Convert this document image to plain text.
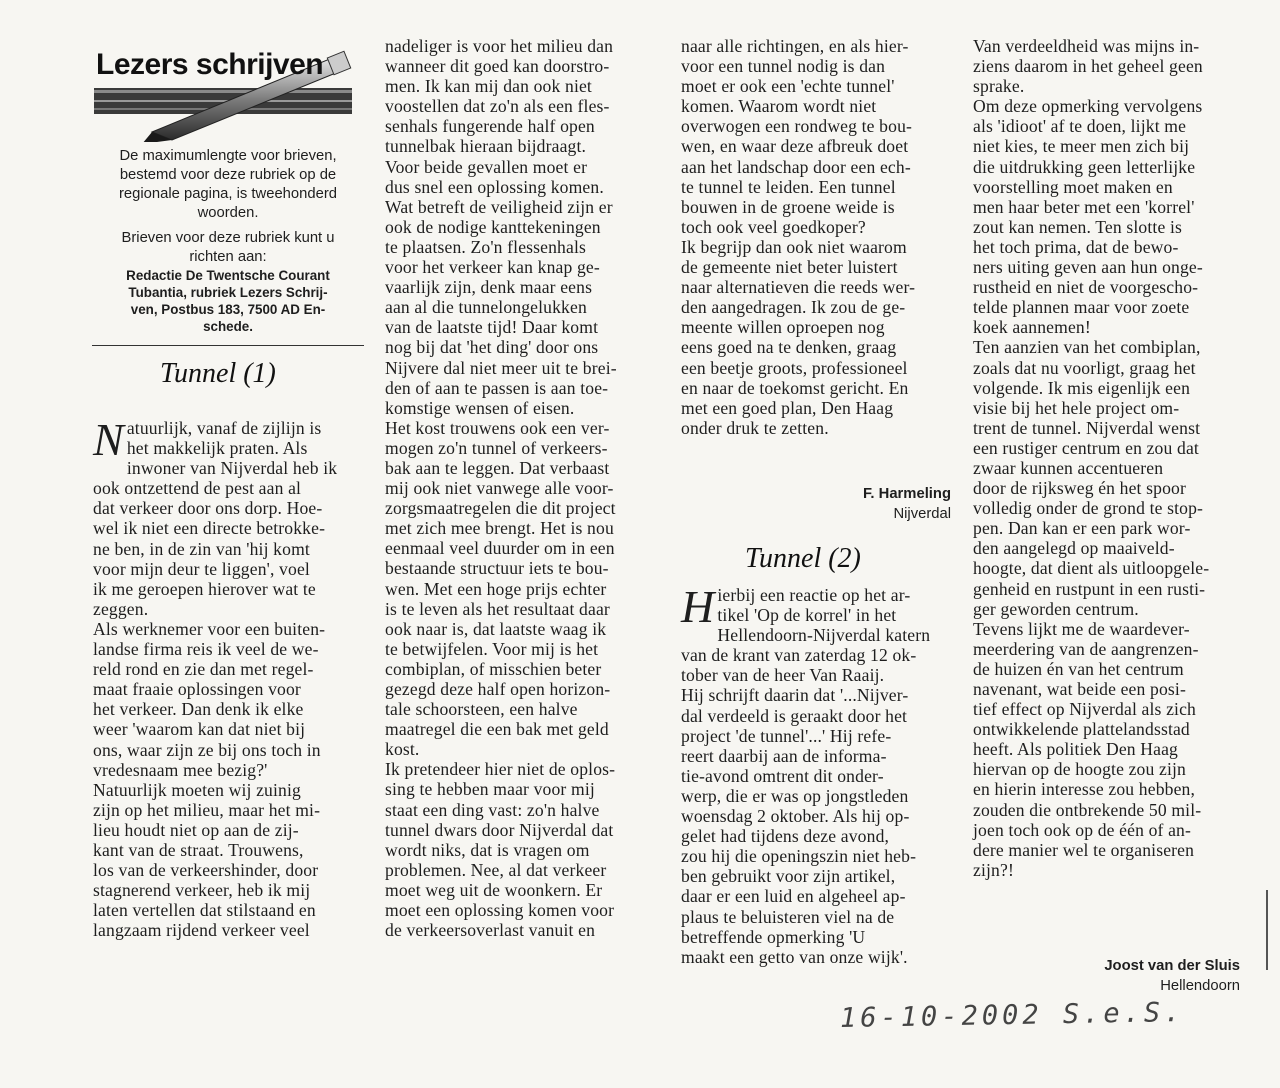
Lezers schrijven
De maximumlengte voor brieven,
bestemd voor deze rubriek op de
regionale pagina, is tweehonderd
woorden.
Brieven voor deze rubriek kunt u
richten aan:
Redactie De Twentsche Courant
Tubantia, rubriek Lezers Schrij-
ven, Postbus 183, 7500 AD En-
schede.
Tunnel (1)
N atuurlijk, vanaf de zijlijn is
het makkelijk praten. Als
inwoner van Nijverdal heb ik
ook ontzettend de pest aan al
dat verkeer door ons dorp. Hoe-
wel ik niet een directe betrokke-
ne ben, in de zin van 'hij komt
voor mijn deur te liggen', voel
ik me geroepen hierover wat te
zeggen.
Als werknemer voor een buiten-
landse firma reis ik veel de we-
reld rond en zie dan met regel-
maat fraaie oplossingen voor
het verkeer. Dan denk ik elke
weer 'waarom kan dat niet bij
ons, waar zijn ze bij ons toch in
vredesnaam mee bezig?'
Natuurlijk moeten wij zuinig
zijn op het milieu, maar het mi-
lieu houdt niet op aan de zij-
kant van de straat. Trouwens,
los van de verkeershinder, door
stagnerend verkeer, heb ik mij
laten vertellen dat stilstaand en
langzaam rijdend verkeer veel
nadeliger is voor het milieu dan
wanneer dit goed kan doorstro-
men. Ik kan mij dan ook niet
voostellen dat zo'n als een fles-
senhals fungerende half open
tunnelbak hieraan bijdraagt.
Voor beide gevallen moet er
dus snel een oplossing komen.
Wat betreft de veiligheid zijn er
ook de nodige kanttekeningen
te plaatsen. Zo'n flessenhals
voor het verkeer kan knap ge-
vaarlijk zijn, denk maar eens
aan al die tunnelongelukken
van de laatste tijd! Daar komt
nog bij dat 'het ding' door ons
Nijvere dal niet meer uit te brei-
den of aan te passen is aan toe-
komstige wensen of eisen.
Het kost trouwens ook een ver-
mogen zo'n tunnel of verkeers-
bak aan te leggen. Dat verbaast
mij ook niet vanwege alle voor-
zorgsmaatregelen die dit project
met zich mee brengt. Het is nou
eenmaal veel duurder om in een
bestaande structuur iets te bou-
wen. Met een hoge prijs echter
is te leven als het resultaat daar
ook naar is, dat laatste waag ik
te betwijfelen. Voor mij is het
combiplan, of misschien beter
gezegd deze half open horizon-
tale schoorsteen, een halve
maatregel die een bak met geld
kost.
Ik pretendeer hier niet de oplos-
sing te hebben maar voor mij
staat een ding vast: zo'n halve
tunnel dwars door Nijverdal dat
wordt niks, dat is vragen om
problemen. Nee, al dat verkeer
moet weg uit de woonkern. Er
moet een oplossing komen voor
de verkeersoverlast vanuit en
naar alle richtingen, en als hier-
voor een tunnel nodig is dan
moet er ook een 'echte tunnel'
komen. Waarom wordt niet
overwogen een rondweg te bou-
wen, en waar deze afbreuk doet
aan het landschap door een ech-
te tunnel te leiden. Een tunnel
bouwen in de groene weide is
toch ook veel goedkoper?
Ik begrijp dan ook niet waarom
de gemeente niet beter luistert
naar alternatieven die reeds wer-
den aangedragen. Ik zou de ge-
meente willen oproepen nog
eens goed na te denken, graag
een beetje groots, professioneel
en naar de toekomst gericht. En
met een goed plan, Den Haag
onder druk te zetten.
F. Harmeling
Nijverdal
Tunnel (2)
H ierbij een reactie op het ar-
tikel 'Op de korrel' in het
Hellendoorn-Nijverdal katern
van de krant van zaterdag 12 ok-
tober van de heer Van Raaij.
Hij schrijft daarin dat '...Nijver-
dal verdeeld is geraakt door het
project 'de tunnel'...' Hij refe-
reert daarbij aan de informa-
tie-avond omtrent dit onder-
werp, die er was op jongstleden
woensdag 2 oktober. Als hij op-
gelet had tijdens deze avond,
zou hij die openingszin niet heb-
ben gebruikt voor zijn artikel,
daar er een luid en algeheel ap-
plaus te beluisteren viel na de
betreffende opmerking 'U
maakt een getto van onze wijk'.
Van verdeeldheid was mijns in-
ziens daarom in het geheel geen
sprake.
Om deze opmerking vervolgens
als 'idioot' af te doen, lijkt me
niet kies, te meer men zich bij
die uitdrukking geen letterlijke
voorstelling moet maken en
men haar beter met een 'korrel'
zout kan nemen. Ten slotte is
het toch prima, dat de bewo-
ners uiting geven aan hun onge-
rustheid en niet de voorgescho-
telde plannen maar voor zoete
koek aannemen!
Ten aanzien van het combiplan,
zoals dat nu voorligt, graag het
volgende. Ik mis eigenlijk een
visie bij het hele project om-
trent de tunnel. Nijverdal wenst
een rustiger centrum en zou dat
zwaar kunnen accentueren
door de rijksweg én het spoor
volledig onder de grond te stop-
pen. Dan kan er een park wor-
den aangelegd op maaiveld-
hoogte, dat dient als uitloopgele-
genheid en rustpunt in een rusti-
ger geworden centrum.
Tevens lijkt me de waardever-
meerdering van de aangrenzen-
de huizen én van het centrum
navenant, wat beide een posi-
tief effect op Nijverdal als zich
ontwikkelende plattelandsstad
heeft. Als politiek Den Haag
hiervan op de hoogte zou zijn
en hierin interesse zou hebben,
zouden die ontbrekende 50 mil-
joen toch ook op de één of an-
dere manier wel te organiseren
zijn?!
Joost van der Sluis
Hellendoorn
16-10-2002 S.e.S.
